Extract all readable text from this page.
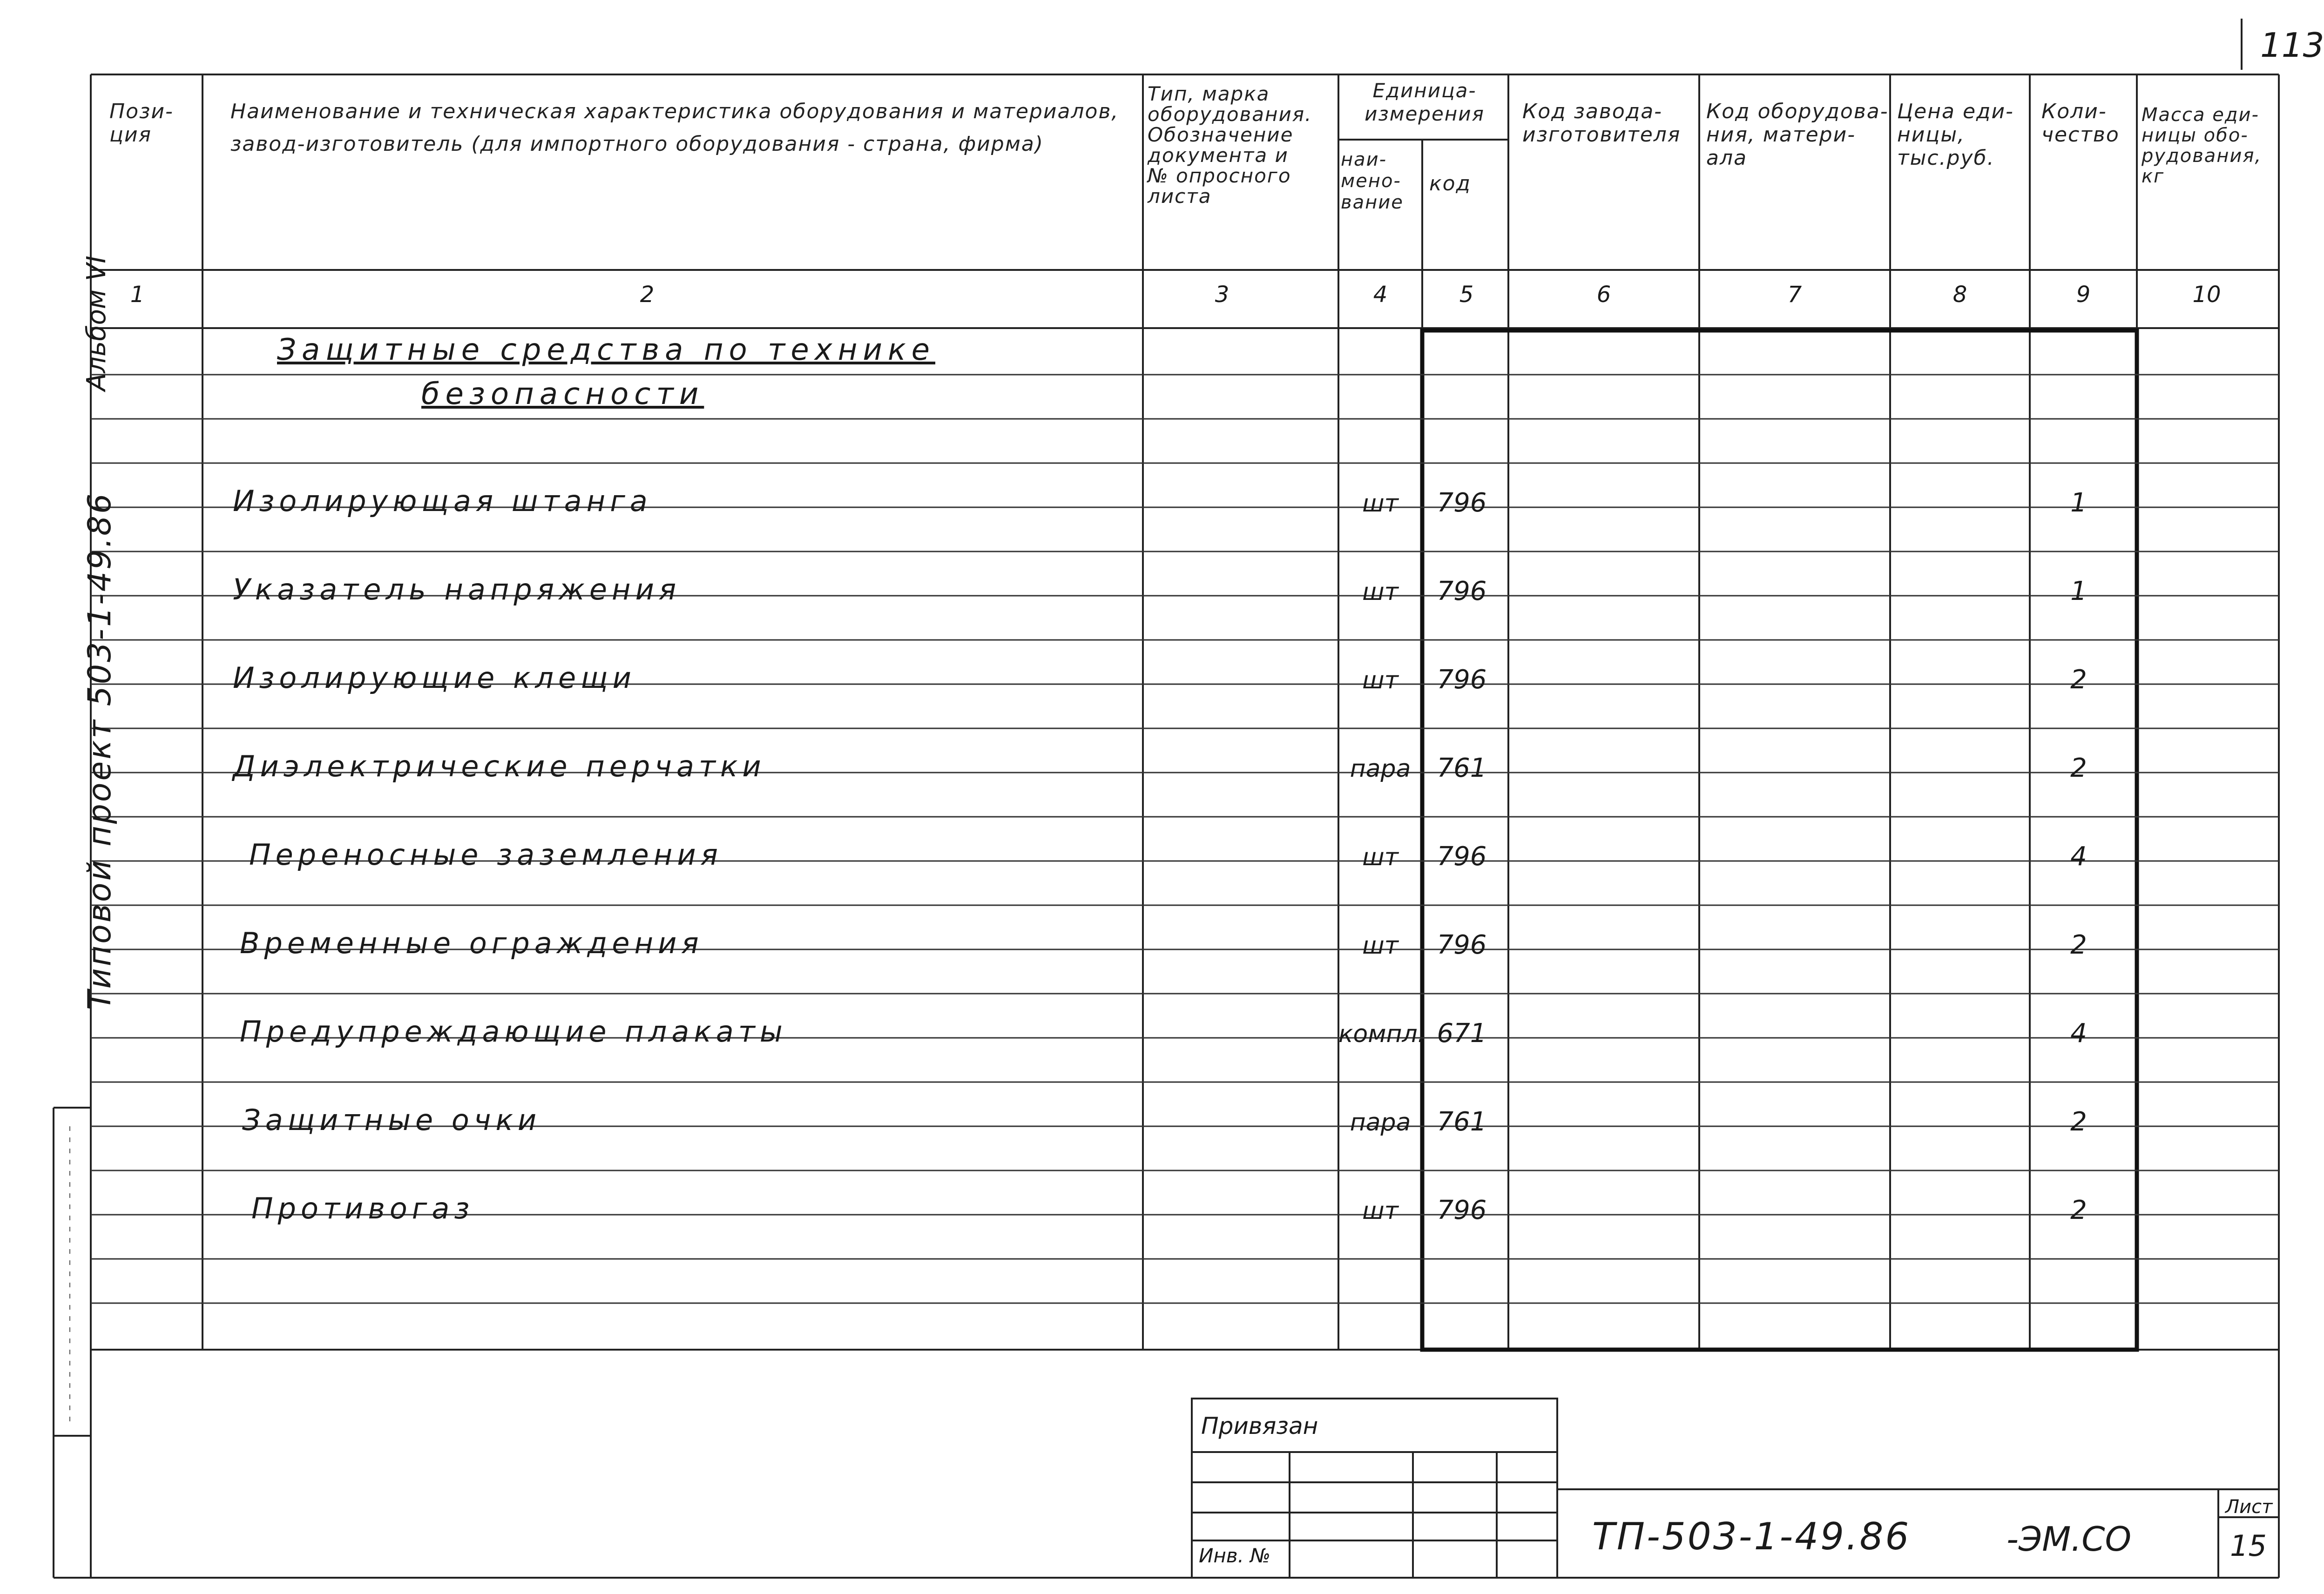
113
Альбом VI
Типовой проект 503-1-49.86
Пози-
ция
Наименование и техническая характеристика оборудования и материалов,
завод-изготовитель (для импортного оборудования - страна, фирма)
Тип, марка
оборудования.
Обозначение
документа и
№ опросного
листа
Единица-
измерения
наи-
мено-
вание
код
Код завода-
изготовителя
Код оборудова-
ния, матери-
ала
Цена еди-
ницы,
тыс.руб.
Коли-
чество
Масса еди-
ницы обо-
рудования,
кг
1	2	3	4	5	6	7	8	9	10
Защитные средства по технике
безопасности
Изолирующая штанга	шт	796	1
Указатель напряжения	шт	796	1
Изолирующие клещи	шт	796	2
Диэлектрические перчатки	пара	761	2
Переносные заземления	шт	796	4
Временные ограждения	шт	796	2
Предупреждающие плакаты	компл. 671	4
Защитные очки	пара	761	2
Противогаз	шт	796	2
Привязан
Инв. №	ТП-503-1-49.86	-ЭМ.СО
Лист
15
